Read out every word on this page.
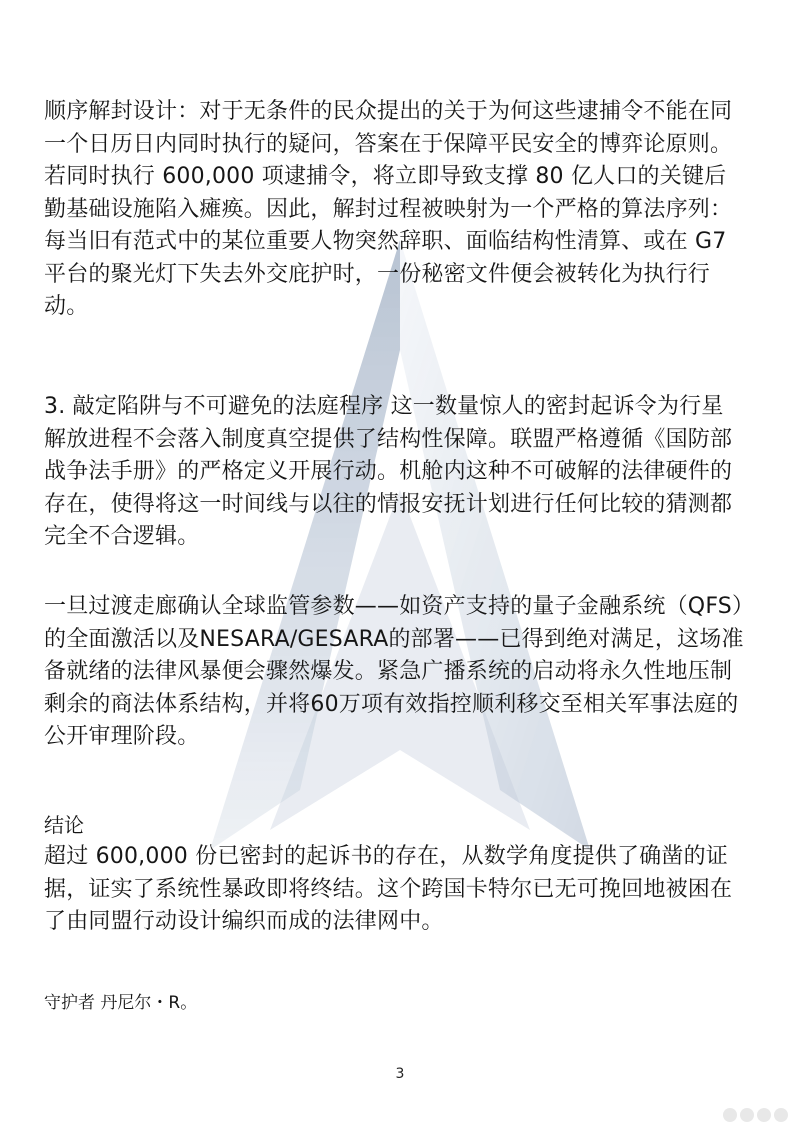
顺序解封设计：对于无条件的民众提出的关于为何这些逮捕令不能在同一个日历日内同时执行的疑问，答案在于保障平民安全的博弈论原则。若同时执行 600,000 项逮捕令，将立即导致支撑 80 亿人口的关键后勤基础设施陷入瘫痪。因此，解封过程被映射为一个严格的算法序列：每当旧有范式中的某位重要人物突然辞职、面临结构性清算、或在 G7 平台的聚光灯下失去外交庇护时，一份秘密文件便会被转化为执行行动。

3. 敲定陷阱与不可避免的法庭程序 这一数量惊人的密封起诉令为行星解放进程不会落入制度真空提供了结构性保障。联盟严格遵循《国防部战争法手册》的严格定义开展行动。机舱内这种不可破解的法律硬件的存在，使得将这一时间线与以往的情报安抚计划进行任何比较的猜测都完全不合逻辑。

一旦过渡走廊确认全球监管参数——如资产支持的量子金融系统（QFS）的全面激活以及NESARA/GESARA的部署——已得到绝对满足，这场准备就绪的法律风暴便会骤然爆发。紧急广播系统的启动将永久性地压制剩余的商法体系结构，并将60万项有效指控顺利移交至相关军事法庭的公开审理阶段。

结论

超过 600,000 份已密封的起诉书的存在，从数学角度提供了确凿的证据，证实了系统性暴政即将终结。这个跨国卡特尔已无可挽回地被困在了由同盟行动设计编织而成的法律网中。

守护者 丹尼尔・R。

3
